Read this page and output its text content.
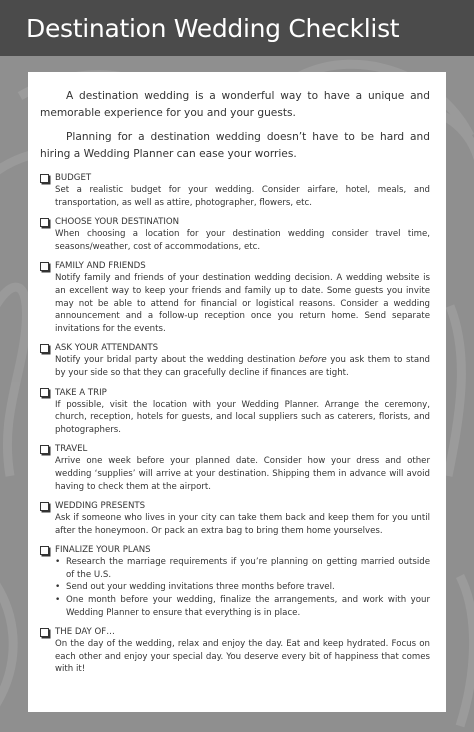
Destination Wedding Checklist

A destination wedding is a wonderful way to have a unique and memorable experience for you and your guests.

Planning for a destination wedding doesn’t have to be hard and hiring a Wedding Planner can ease your worries.

BUDGET
Set a realistic budget for your wedding. Consider airfare, hotel, meals, and transportation, as well as attire, photographer, flowers, etc.
CHOOSE YOUR DESTINATION
When choosing a location for your destination wedding consider travel time, seasons/weather, cost of accommodations, etc.
FAMILY AND FRIENDS
Notify family and friends of your destination wedding decision. A wedding website is an excellent way to keep your friends and family up to date. Some guests you invite may not be able to attend for financial or logistical reasons. Consider a wedding announcement and a follow-up reception once you return home. Send separate invitations for the events.
ASK YOUR ATTENDANTS
Notify your bridal party about the wedding destination before you ask them to stand by your side so that they can gracefully decline if finances are tight.
TAKE A TRIP
If possible, visit the location with your Wedding Planner. Arrange the ceremony, church, reception, hotels for guests, and local suppliers such as caterers, florists, and photographers.
TRAVEL
Arrive one week before your planned date. Consider how your dress and other wedding ‘supplies’ will arrive at your destination. Shipping them in advance will avoid having to check them at the airport.
WEDDING PRESENTS
Ask if someone who lives in your city can take them back and keep them for you until after the honeymoon. Or pack an extra bag to bring them home yourselves.
FINALIZE YOUR PLANS
• Research the marriage requirements if you’re planning on getting married outside of the U.S.
• Send out your wedding invitations three months before travel.
• One month before your wedding, finalize the arrangements, and work with your Wedding Planner to ensure that everything is in place.
THE DAY OF…
On the day of the wedding, relax and enjoy the day. Eat and keep hydrated. Focus on each other and enjoy your special day. You deserve every bit of happiness that comes with it!
